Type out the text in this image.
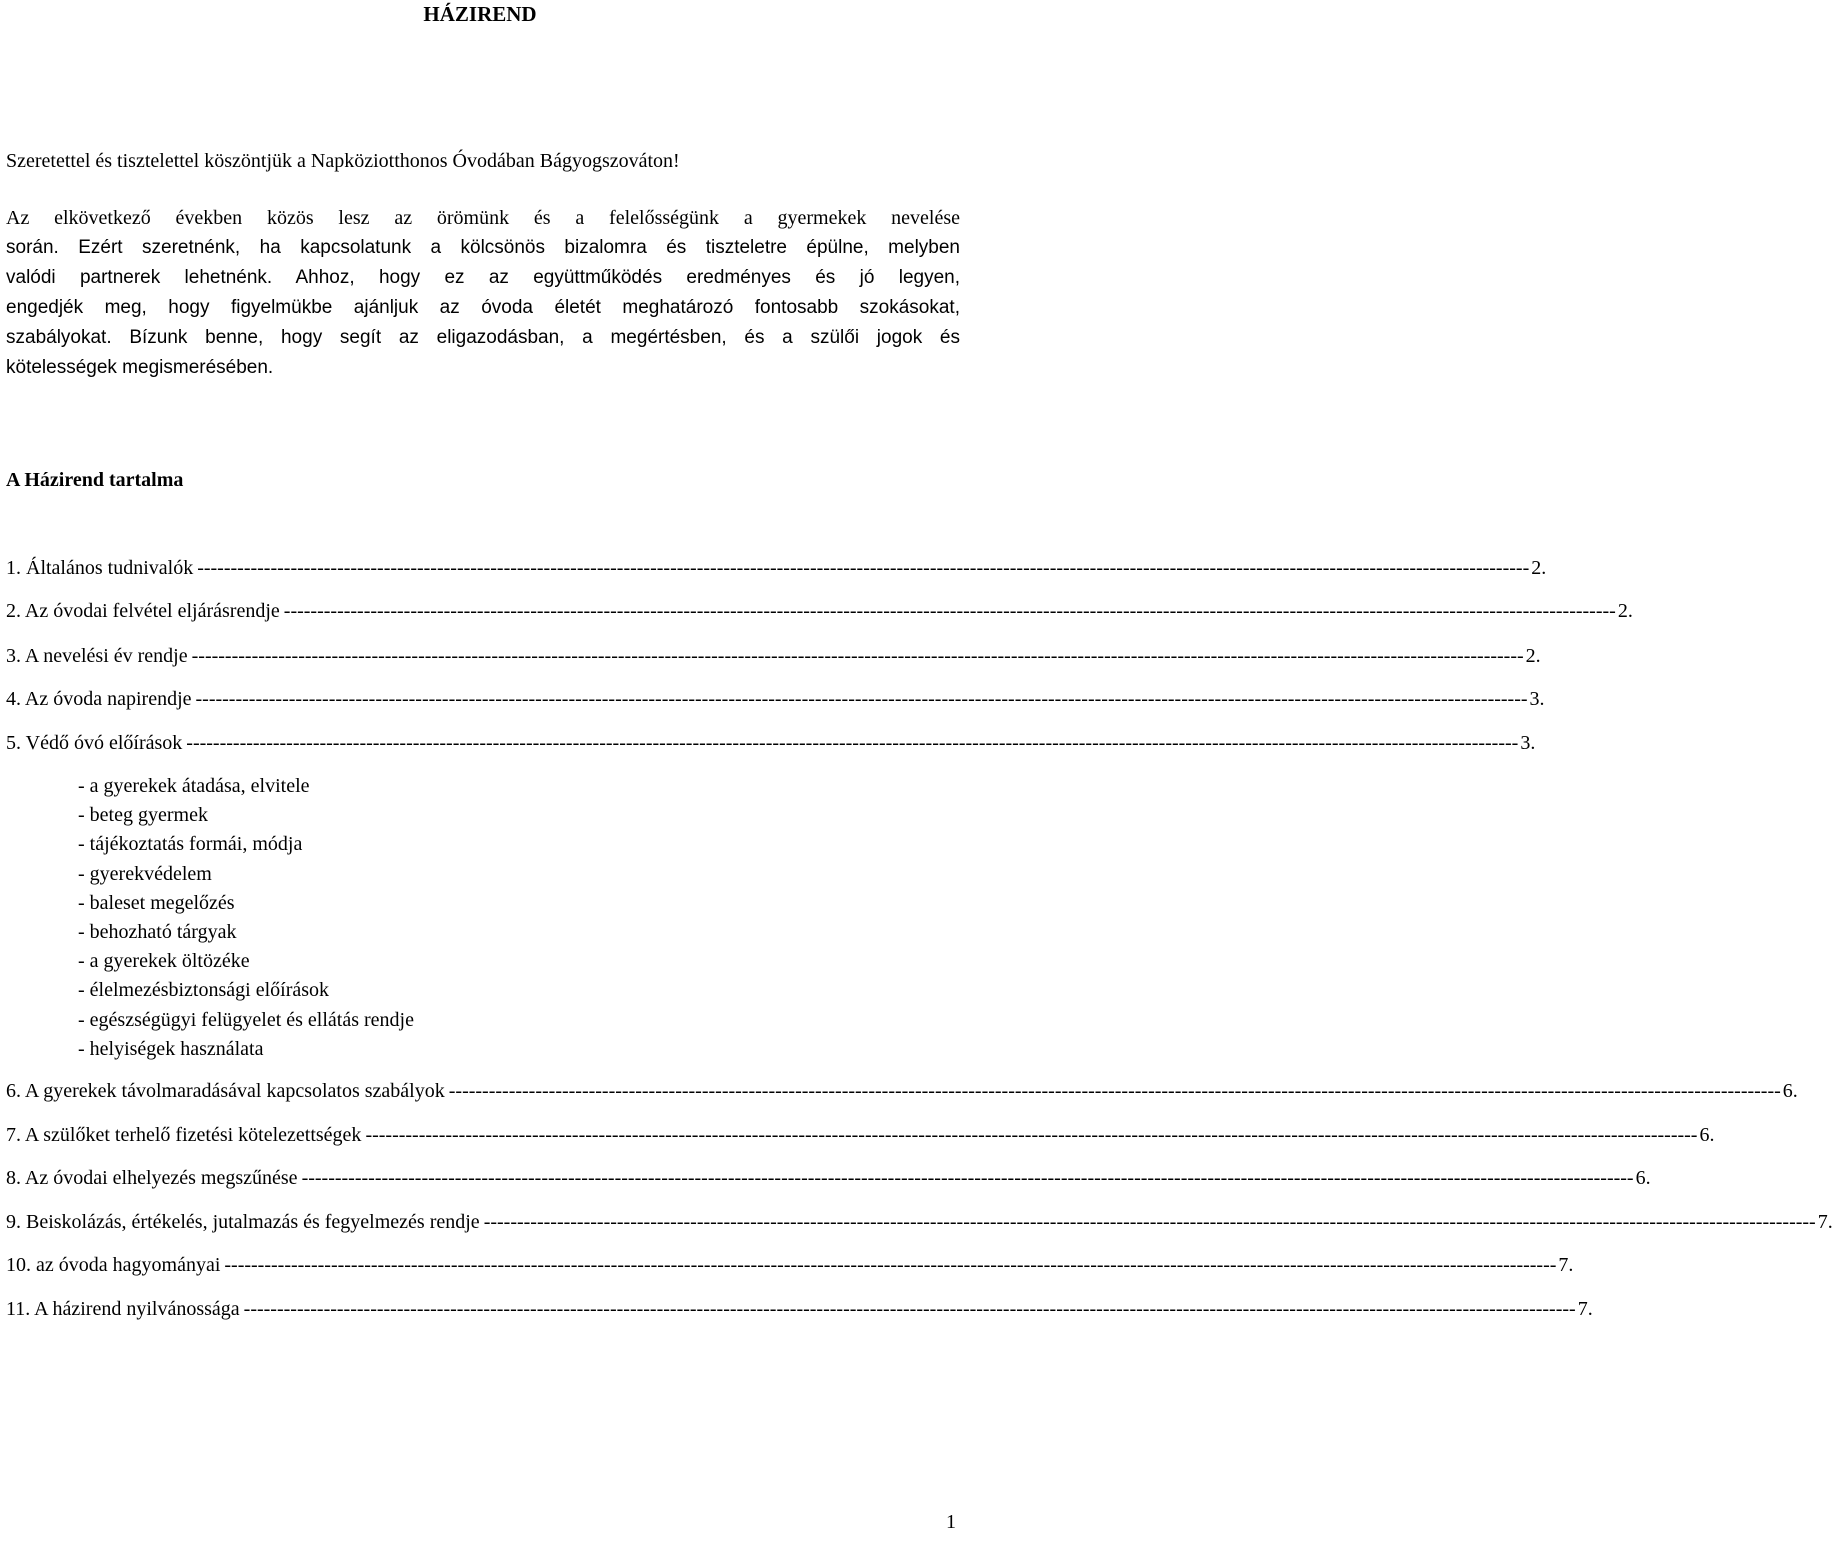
HÁZIREND
Szeretettel és tisztelettel köszöntjük a Napköziotthonos Óvodában Bágyogszováton!
Az elkövetkező években közös lesz az örömünk és a felelősségünk a gyermekek nevelése
során. Ezért szeretnénk, ha kapcsolatunk a kölcsönös bizalomra és tiszteletre épülne, melyben
valódi partnerek lehetnénk. Ahhoz, hogy ez az együttműködés eredményes és jó legyen,
engedjék meg, hogy figyelmükbe ajánljuk az óvoda életét meghatározó fontosabb szokásokat,
szabályokat. Bízunk benne, hogy segít az eligazodásban, a megértésben, és a szülői jogok és
kötelességek megismerésében.
A Házirend tartalma
1. Általános tudnivalók -------------------------------------------------------------------------------------------------------------------------------------------------------------------------------------------------------- 2.
2. Az óvodai felvétel eljárásrendje -------------------------------------------------------------------------------------------------------------------------------------------------------------------------------------------------------- 2.
3. A nevelési év rendje -------------------------------------------------------------------------------------------------------------------------------------------------------------------------------------------------------- 2.
4. Az óvoda napirendje -------------------------------------------------------------------------------------------------------------------------------------------------------------------------------------------------------- 3.
5. Védő óvó előírások -------------------------------------------------------------------------------------------------------------------------------------------------------------------------------------------------------- 3.
- a gyerekek átadása, elvitele
- beteg gyermek
- tájékoztatás formái, módja
- gyerekvédelem
- baleset megelőzés
- behozható tárgyak
- a gyerekek öltözéke
- élelmezésbiztonsági előírások
- egészségügyi felügyelet és ellátás rendje
- helyiségek használata
6. A gyerekek távolmaradásával kapcsolatos szabályok -------------------------------------------------------------------------------------------------------------------------------------------------------------------------------------------------------- 6.
7. A szülőket terhelő fizetési kötelezettségek -------------------------------------------------------------------------------------------------------------------------------------------------------------------------------------------------------- 6.
8. Az óvodai elhelyezés megszűnése -------------------------------------------------------------------------------------------------------------------------------------------------------------------------------------------------------- 6.
9. Beiskolázás, értékelés, jutalmazás és fegyelmezés rendje -------------------------------------------------------------------------------------------------------------------------------------------------------------------------------------------------------- 7.
10. az óvoda hagyományai -------------------------------------------------------------------------------------------------------------------------------------------------------------------------------------------------------- 7.
11. A házirend nyilvánossága -------------------------------------------------------------------------------------------------------------------------------------------------------------------------------------------------------- 7.
1
